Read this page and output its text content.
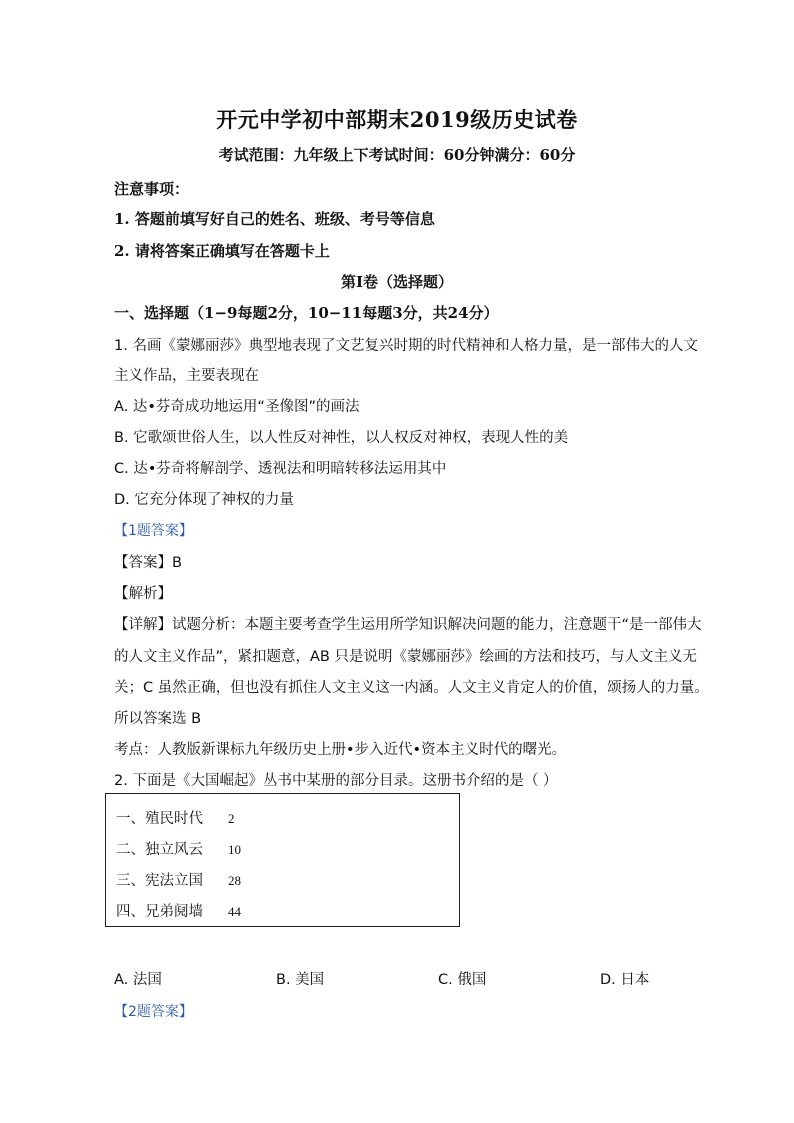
开元中学初中部期末2019级历史试卷
考试范围：九年级上下考试时间：60分钟满分：60分
注意事项：
1. 答题前填写好自己的姓名、班级、考号等信息
2. 请将答案正确填写在答题卡上
第I卷（选择题）
一、选择题（1−9每题2分，10−11每题3分，共24分）
1. 名画《蒙娜丽莎》典型地表现了文艺复兴时期的时代精神和人格力量，是一部伟大的人文
主义作品，主要表现在
A. 达•芬奇成功地运用“圣像图”的画法
B. 它歌颂世俗人生，以人性反对神性，以人权反对神权，表现人性的美
C. 达•芬奇将解剖学、透视法和明暗转移法运用其中
D. 它充分体现了神权的力量
【1题答案】
【答案】B
【解析】
【详解】试题分析：本题主要考查学生运用所学知识解决问题的能力，注意题干“是一部伟大
的人文主义作品”，紧扣题意，AB 只是说明《蒙娜丽莎》绘画的方法和技巧，与人文主义无
关；C 虽然正确，但也没有抓住人文主义这一内涵。人文主义肯定人的价值，颂扬人的力量。
所以答案选 B
考点：人教版新课标九年级历史上册•步入近代•资本主义时代的曙光。
2. 下面是《大国崛起》丛书中某册的部分目录。这册书介绍的是（ ）
一、殖民时代 2
二、独立风云 10
三、宪法立国 28
四、兄弟阋墙 44
A. 法国	B. 美国	C. 俄国	D. 日本
【2题答案】
